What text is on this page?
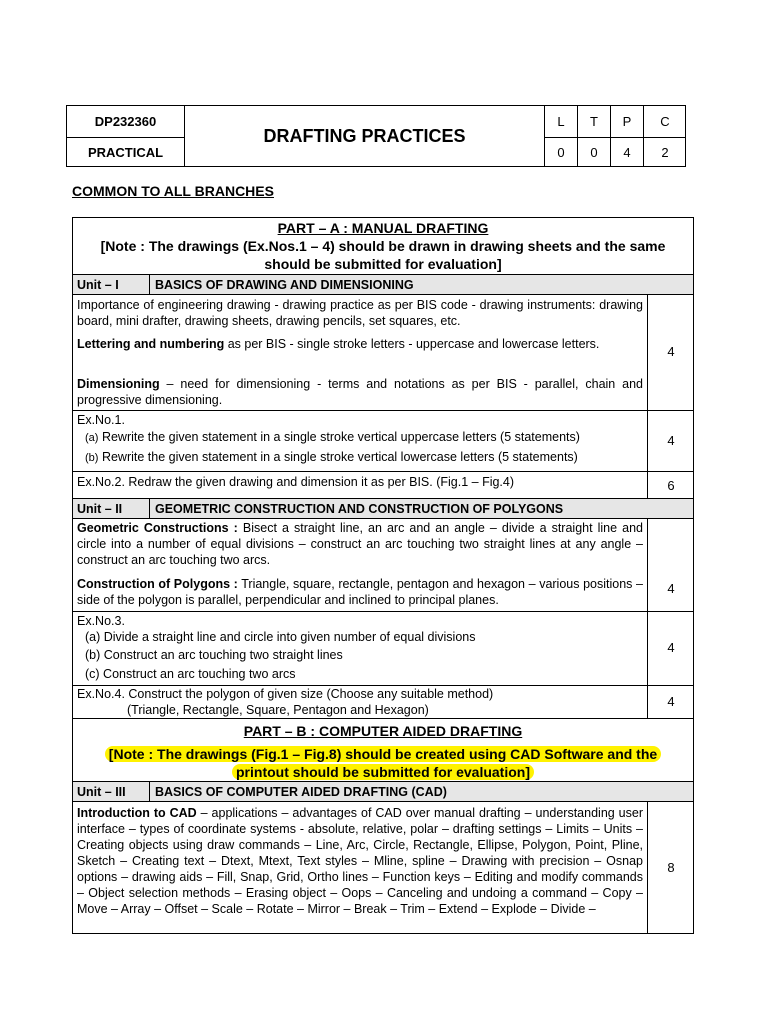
DP232360
PRACTICAL
DRAFTING PRACTICES
L	T	P	C
0	0	4	2
COMMON TO ALL BRANCHES
PART – A : MANUAL DRAFTING
[Note : The drawings (Ex.Nos.1 – 4) should be drawn in drawing sheets and the same should be submitted for evaluation]
Unit – I	BASICS OF DRAWING AND DIMENSIONING
Importance of engineering drawing - drawing practice as per BIS code - drawing instruments: drawing board, mini drafter, drawing sheets, drawing pencils, set squares, etc.
Lettering and numbering as per BIS - single stroke letters - uppercase and lowercase letters.
Dimensioning – need for dimensioning - terms and notations as per BIS - parallel, chain and progressive dimensioning.
4
Ex.No.1.
(a) Rewrite the given statement in a single stroke vertical uppercase letters (5 statements)
(b) Rewrite the given statement in a single stroke vertical lowercase letters (5 statements)
4
Ex.No.2. Redraw the given drawing and dimension it as per BIS. (Fig.1 – Fig.4)	6
Unit – II	GEOMETRIC CONSTRUCTION AND CONSTRUCTION OF POLYGONS
Geometric Constructions : Bisect a straight line, an arc and an angle – divide a straight line and circle into a number of equal divisions – construct an arc touching two straight lines at any angle – construct an arc touching two arcs.
Construction of Polygons : Triangle, square, rectangle, pentagon and hexagon – various positions – side of the polygon is parallel, perpendicular and inclined to principal planes.
4
Ex.No.3.
(a) Divide a straight line and circle into given number of equal divisions
(b) Construct an arc touching two straight lines
(c) Construct an arc touching two arcs
4
Ex.No.4. Construct the polygon of given size (Choose any suitable method)
(Triangle, Rectangle, Square, Pentagon and Hexagon)
4
PART – B : COMPUTER AIDED DRAFTING
[Note : The drawings (Fig.1 – Fig.8) should be created using CAD Software and the
printout should be submitted for evaluation]
Unit – III BASICS OF COMPUTER AIDED DRAFTING (CAD)
Introduction to CAD – applications – advantages of CAD over manual drafting – understanding user interface – types of coordinate systems - absolute, relative, polar – drafting settings – Limits – Units – Creating objects using draw commands – Line, Arc, Circle, Rectangle, Ellipse, Polygon, Point, Pline, Sketch – Creating text – Dtext, Mtext, Text styles – Mline, spline – Drawing with precision – Osnap options – drawing aids – Fill, Snap, Grid, Ortho lines – Function keys – Editing and modify commands – Object selection methods – Erasing object – Oops – Canceling and undoing a command – Copy – Move – Array – Offset – Scale – Rotate – Mirror – Break – Trim – Extend – Explode – Divide –
8
